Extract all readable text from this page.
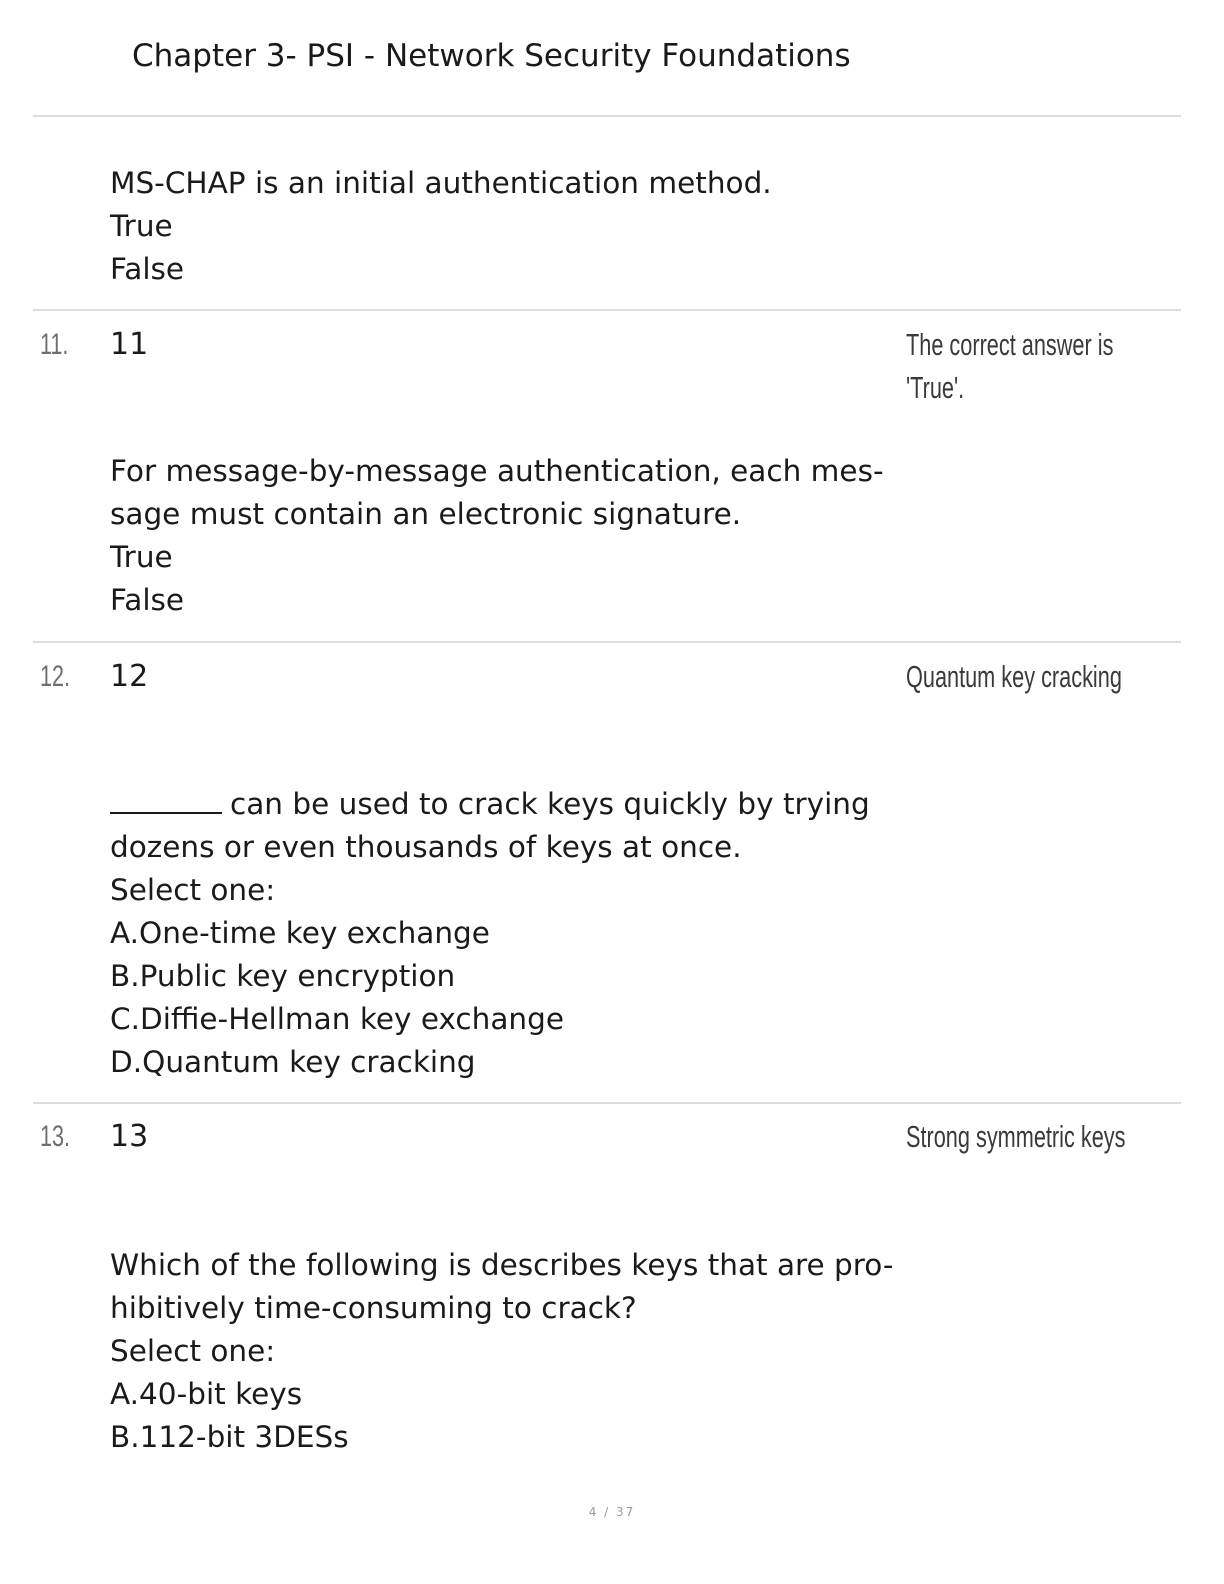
Chapter 3- PSI - Network Security Foundations
MS-CHAP is an initial authentication method.
True
False
11. 11	The correct answer is
'True'.
For message-by-message authentication, each mes-
sage must contain an electronic signature.
True
False
12. 12	Quantum key cracking
can be used to crack keys quickly by trying
dozens or even thousands of keys at once.
Select one:
A.One-time key exchange
B.Public key encryption
C.Diffie-Hellman key exchange
D.Quantum key cracking
13. 13	Strong symmetric keys
Which of the following is describes keys that are pro-
hibitively time-consuming to crack?
Select one:
A.40-bit keys
B.112-bit 3DESs
4 / 37
